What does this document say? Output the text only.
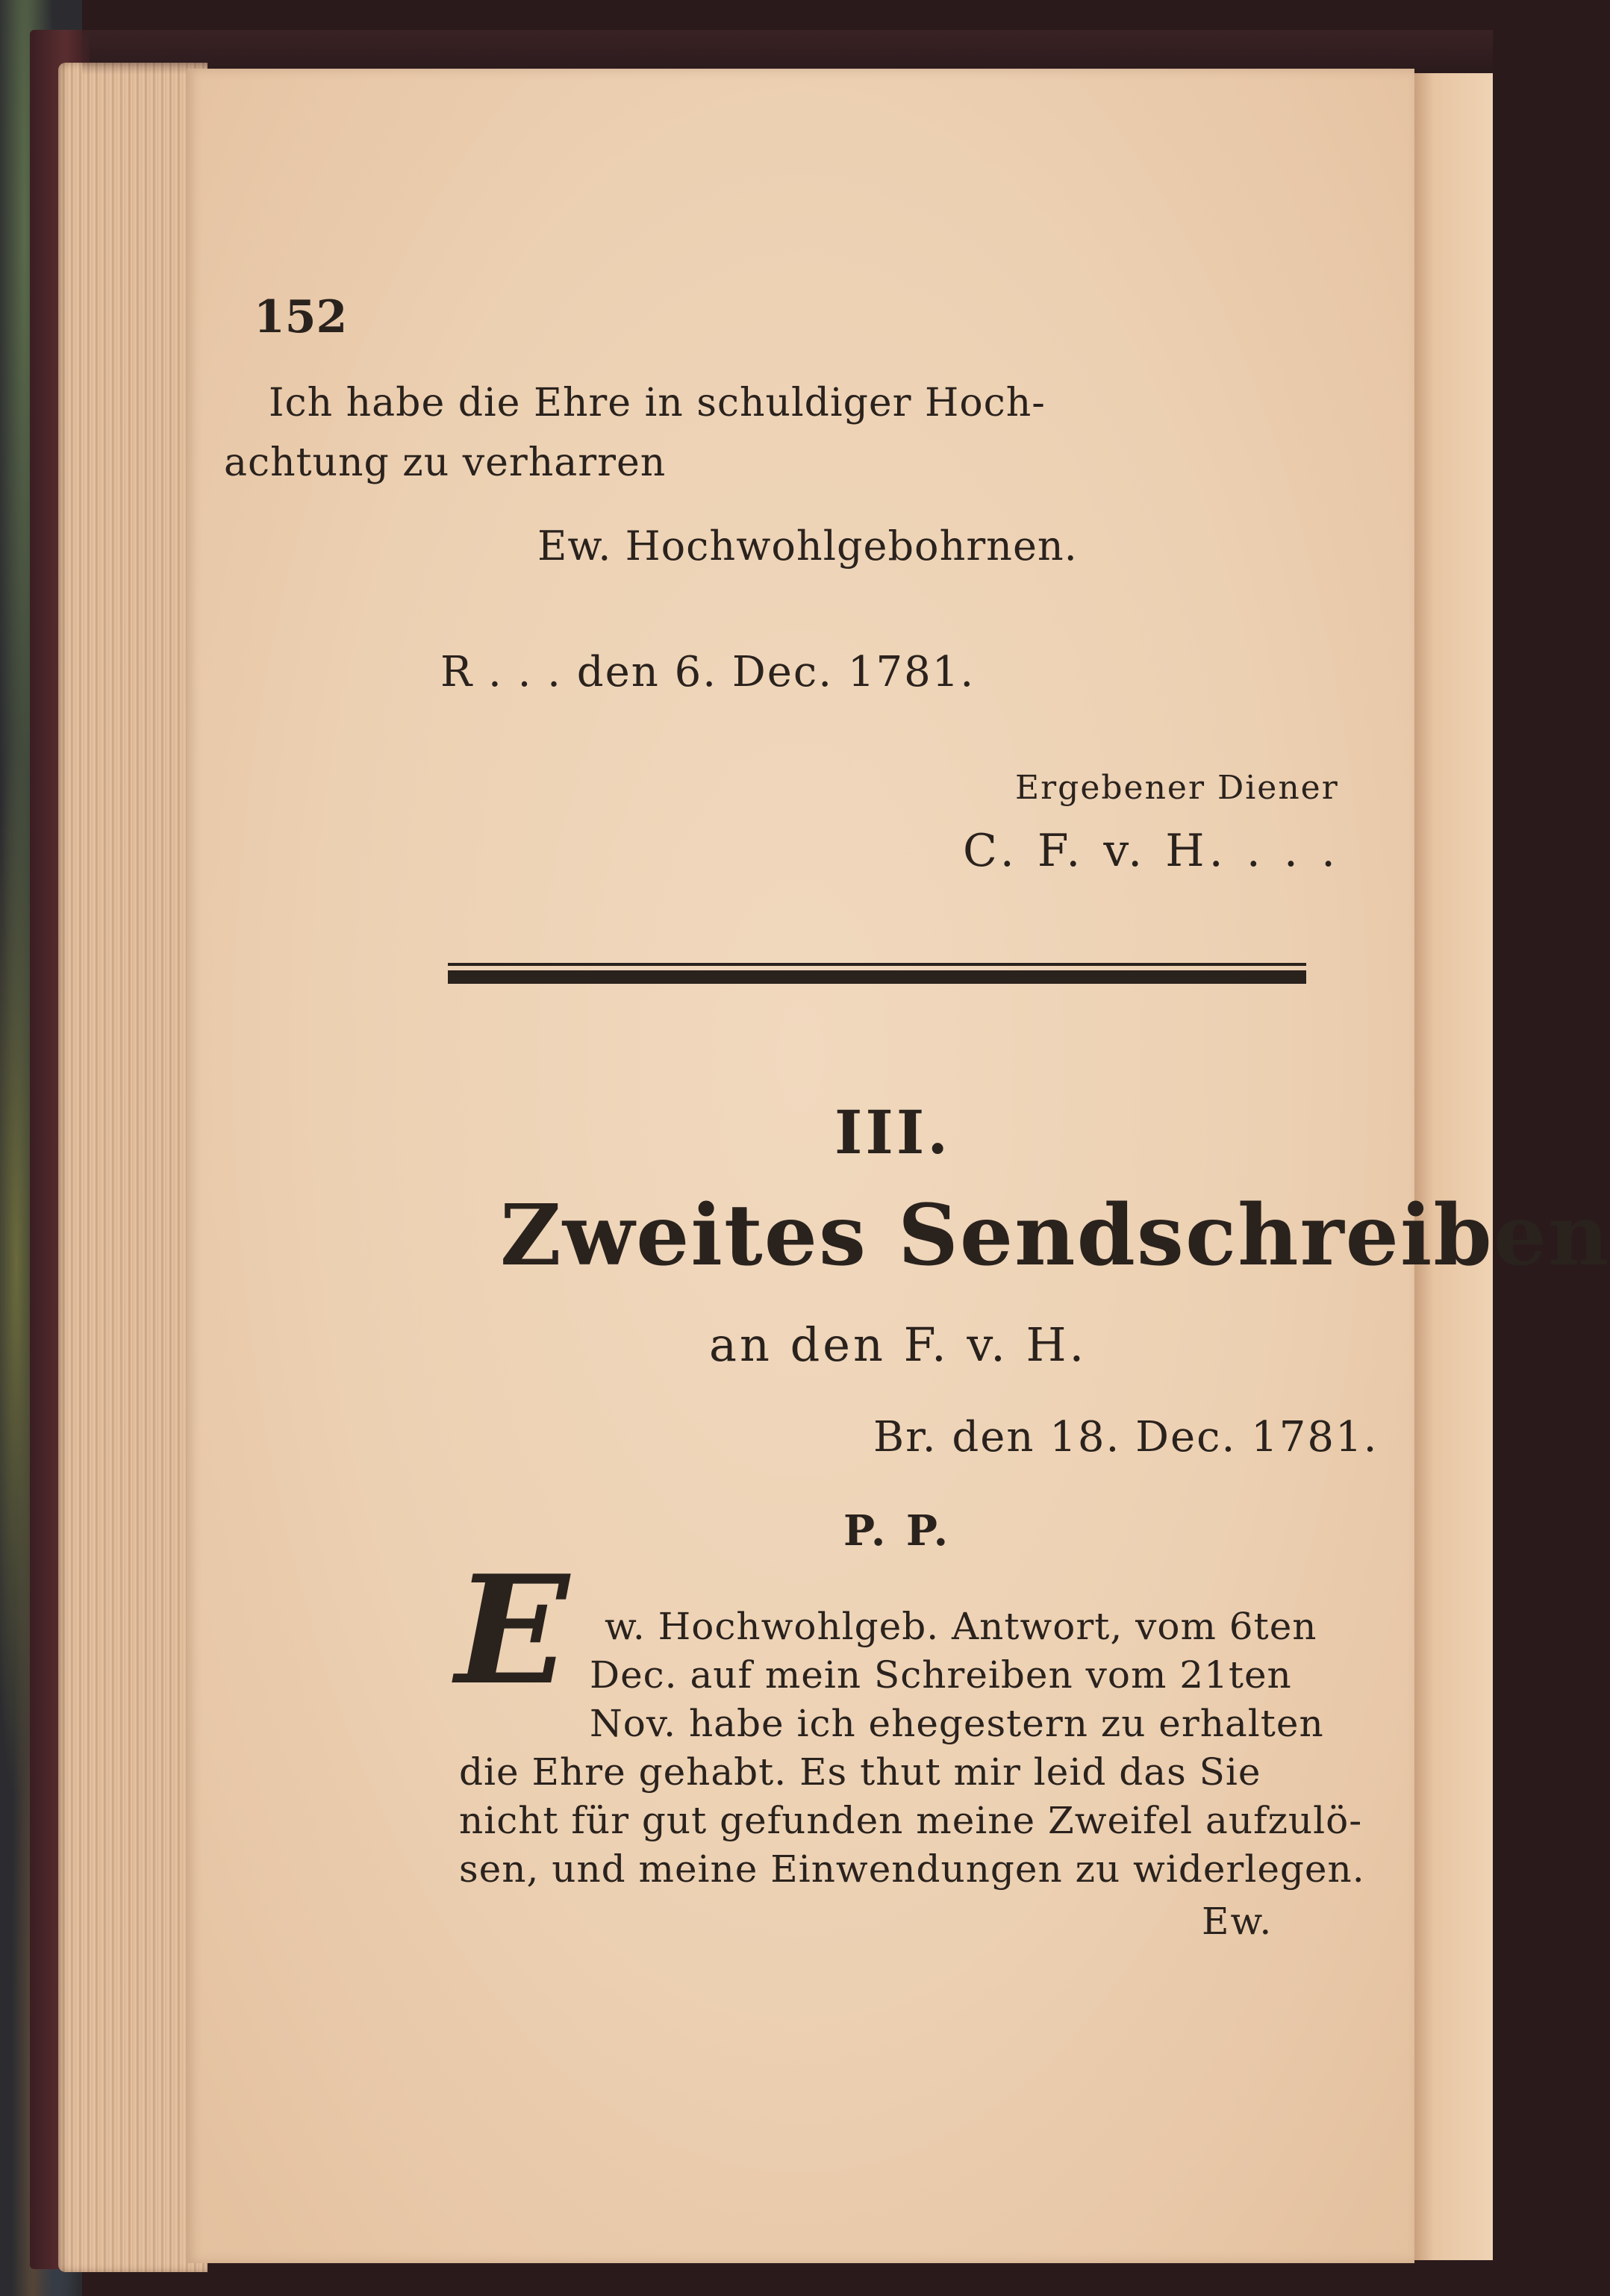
152
Ich habe die Ehre in schuldiger Hoch-
achtung zu verharren
Ew. Hochwohlgebohrnen.
R . . . den 6. Dec. 1781.
Ergebener Diener
C. F. v. H. . . .
III.
Zweites Sendschreiben
an den F. v. H.
Br. den 18. Dec. 1781.
P. P.
E w. Hochwohlgeb. Antwort, vom 6ten
Dec. auf mein Schreiben vom 21ten
Nov. habe ich ehegestern zu erhalten
die Ehre gehabt. Es thut mir leid das Sie
nicht für gut gefunden meine Zweifel aufzulö-
sen, und meine Einwendungen zu widerlegen.
Ew.
